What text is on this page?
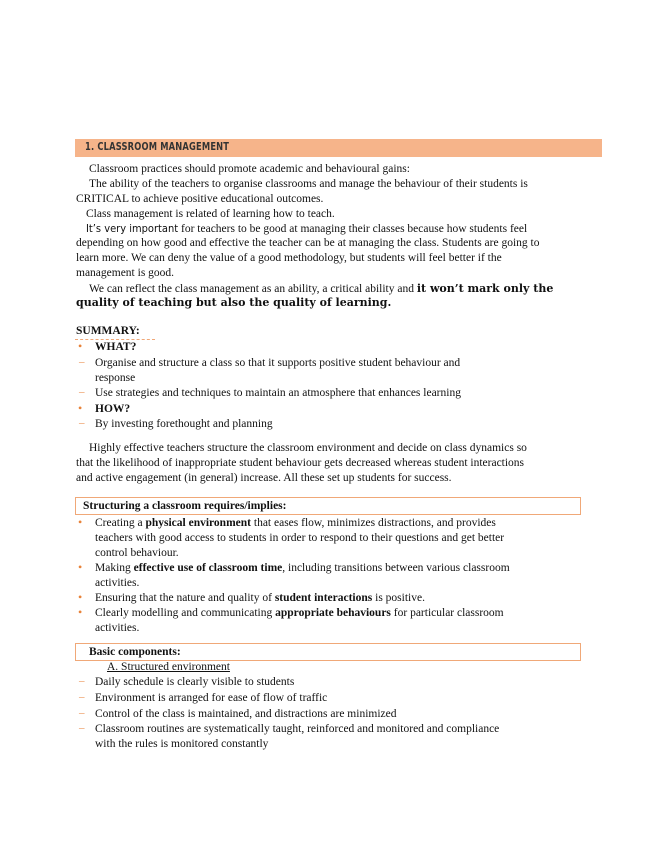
1. CLASSROOM MANAGEMENT
Classroom practices should promote academic and behavioural gains:
The ability of the teachers to organise classrooms and manage the behaviour of their students is
CRITICAL to achieve positive educational outcomes.
Class management is related of learning how to teach.
It’s very important for teachers to be good at managing their classes because how students feel
depending on how good and effective the teacher can be at managing the class. Students are going to
learn more. We can deny the value of a good methodology, but students will feel better if the
management is good.
We can reflect the class management as an ability, a critical ability and it won’t mark only the
quality of teaching but also the quality of learning.
SUMMARY:
• WHAT?
– Organise and structure a class so that it supports positive student behaviour and
response
– Use strategies and techniques to maintain an atmosphere that enhances learning
• HOW?
– By investing forethought and planning
Highly effective teachers structure the classroom environment and decide on class dynamics so
that the likelihood of inappropriate student behaviour gets decreased whereas student interactions
and active engagement (in general) increase. All these set up students for success.
Structuring a classroom requires/implies:
• Creating a physical environment that eases flow, minimizes distractions, and provides
teachers with good access to students in order to respond to their questions and get better
control behaviour.
• Making effective use of classroom time, including transitions between various classroom
activities.
• Ensuring that the nature and quality of student interactions is positive.
• Clearly modelling and communicating appropriate behaviours for particular classroom
activities.
Basic components:
A. Structured environment
– Daily schedule is clearly visible to students
– Environment is arranged for ease of flow of traffic
– Control of the class is maintained, and distractions are minimized
– Classroom routines are systematically taught, reinforced and monitored and compliance
with the rules is monitored constantly
